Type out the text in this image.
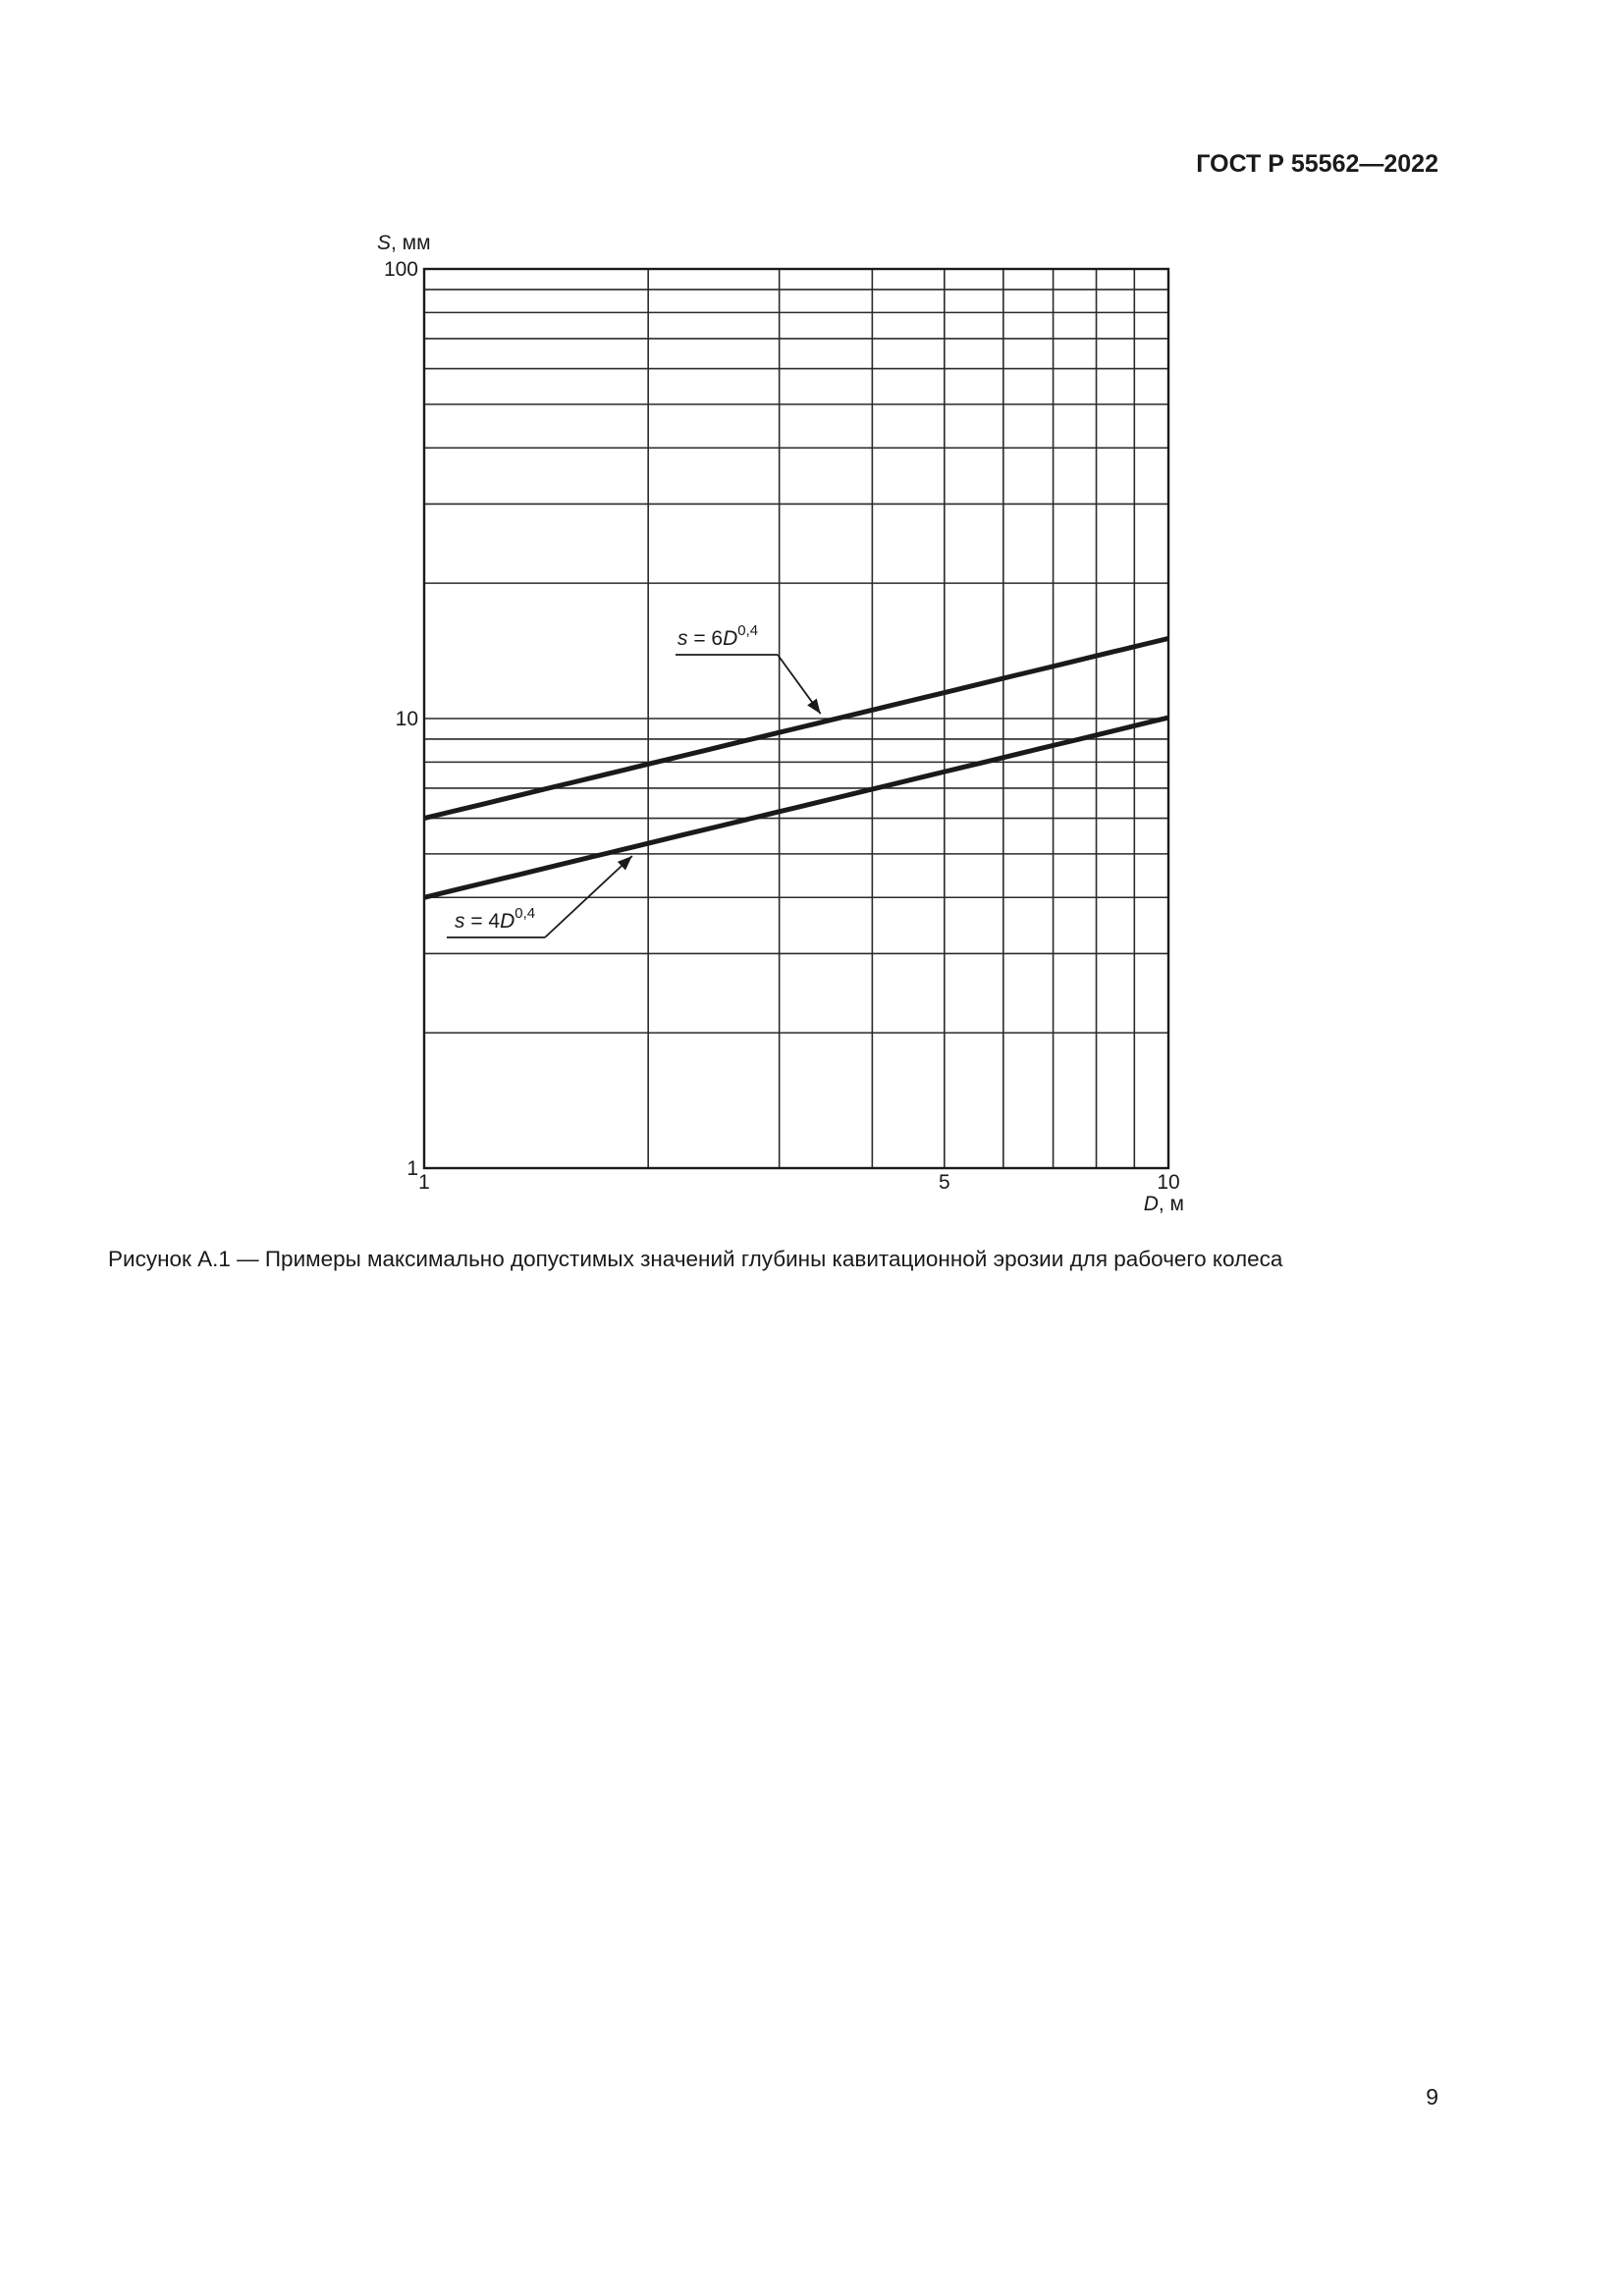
ГОСТ Р 55562—2022
S, мм
D, м
1
10
100
1	5	10
$s = 6D^{0,4}$
$s = 4D^{0,4}$
Рисунок А.1 — Примеры максимально допустимых значений глубины кавитационной эрозии для рабочего колеса
9
